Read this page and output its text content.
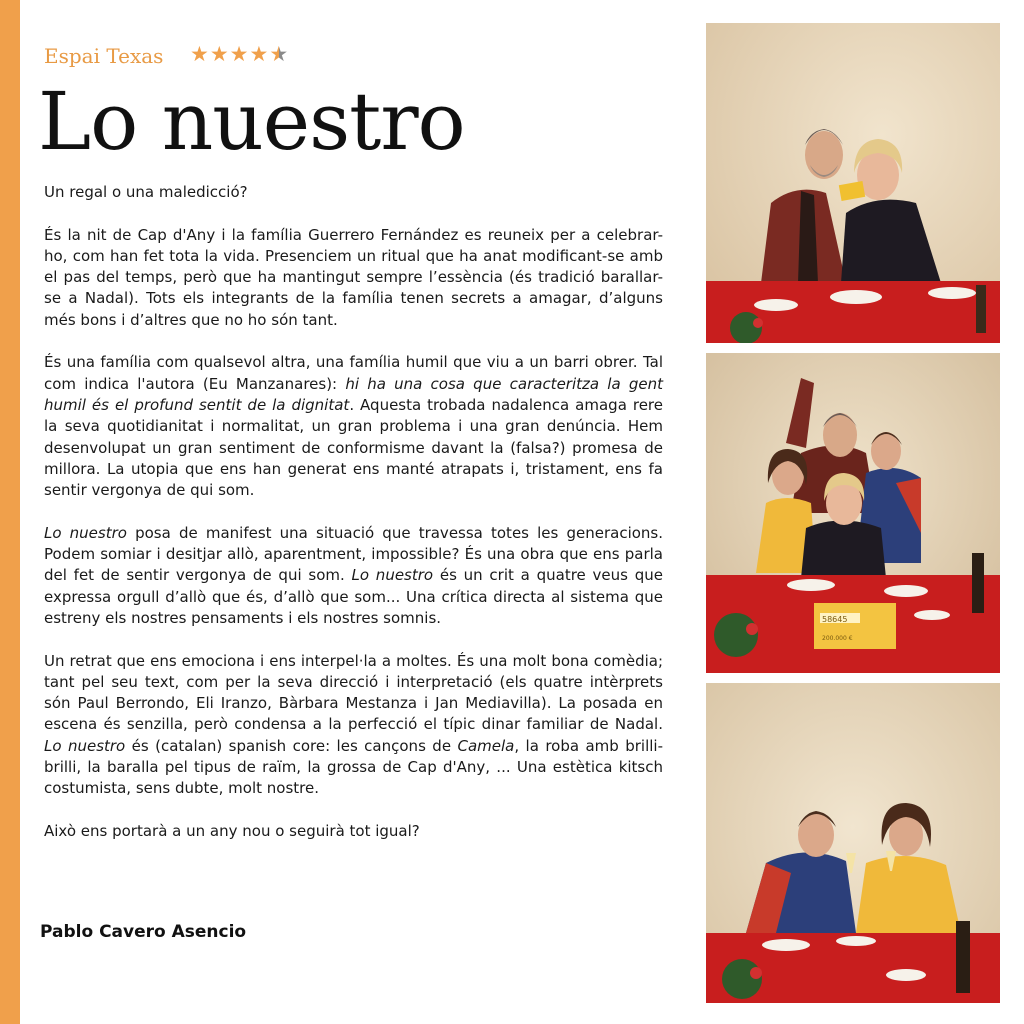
Espai Texas ★★★★★
Lo nuestro

Un regal o una maledicció?

És la nit de Cap d'Any i la família Guerrero Fernández es reuneix per a celebrar-ho, com han fet tota la vida. Presenciem un ritual que ha anat modificant-se amb el pas del temps, però que ha mantingut sempre l’essència (és tradició barallar-se a Nadal). Tots els integrants de la família tenen secrets a amagar, d’alguns més bons i d’altres que no ho són tant.

És una família com qualsevol altra, una família humil que viu a un barri obrer. Tal com indica l'autora (Eu Manzanares): hi ha una cosa que caracteritza la gent humil és el profund sentit de la dignitat. Aquesta trobada nadalenca amaga rere la seva quotidianitat i normalitat, un gran problema i una gran denúncia. Hem desenvolupat un gran sentiment de conformisme davant la (falsa?) promesa de millora. La utopia que ens han generat ens manté atrapats i, tristament, ens fa sentir vergonya de qui som.

Lo nuestro posa de manifest una situació que travessa totes les generacions. Podem somiar i desitjar allò, aparentment, impossible? És una obra que ens parla del fet de sentir vergonya de qui som. Lo nuestro és un crit a quatre veus que expressa orgull d’allò que és, d’allò que som... Una crítica directa al sistema que estreny els nostres pensaments i els nostres somnis.

Un retrat que ens emociona i ens interpel·la a moltes. És una molt bona comèdia; tant pel seu text, com per la seva direcció i interpretació (els quatre intèrprets són Paul Berrondo, Eli Iranzo, Bàrbara Mestanza i Jan Mediavilla). La posada en escena és senzilla, però condensa a la perfecció el típic dinar familiar de Nadal. Lo nuestro és (catalan) spanish core: les cançons de Camela, la roba amb brilli-brilli, la baralla pel tipus de raïm, la grossa de Cap d'Any, ... Una estètica kitsch costumista, sens dubte, molt nostre.

Això ens portarà a un any nou o seguirà tot igual?

Pablo Cavero Asencio
58645
200.000 €
